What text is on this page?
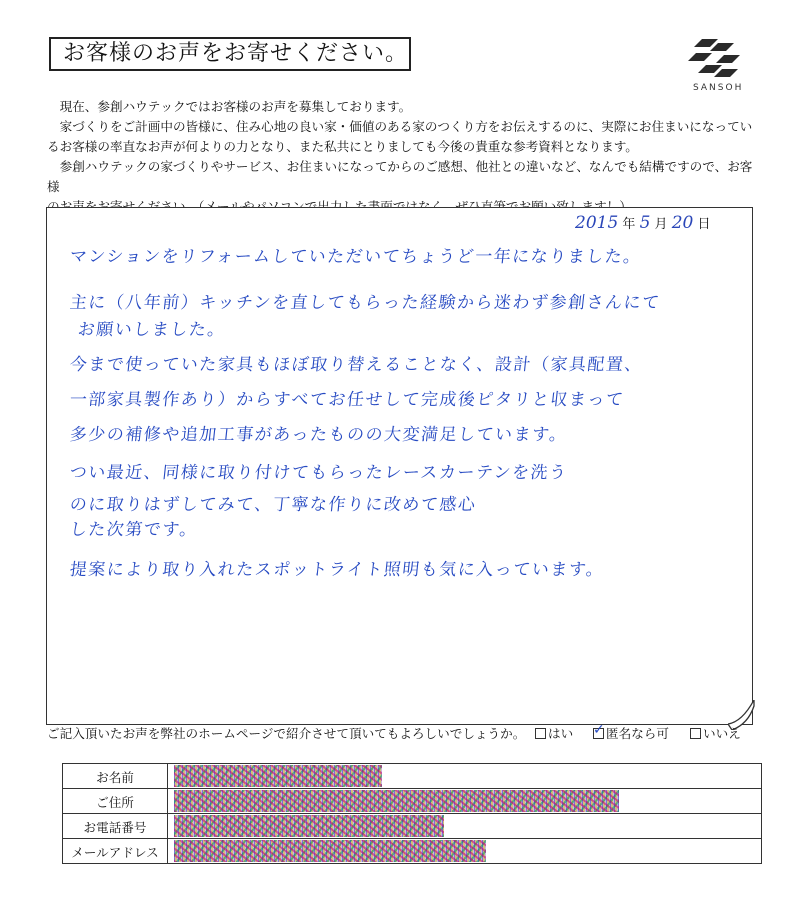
お客様のお声をお寄せください。
SANSOH

　現在、参創ハウテックではお客様のお声を募集しております。

　家づくりをご計画中の皆様に、住み心地の良い家・価値のある家のつくり方をお伝えするのに、実際にお住まいになってい

るお客様の率直なお声が何よりの力となり、また私共にとりましても今後の貴重な参考資料となります。

　参創ハウテックの家づくりやサービス、お住まいになってからのご感想、他社との違いなど、なんでも結構ですので、お客様

2015 年 5 月 20 日
マンションをリフォームしていただいてちょうど一年になりました。
主に（八年前）キッチンを直してもらった経験から迷わず参創さんにて
お願いしました。
今まで使っていた家具もほぼ取り替えることなく、設計（家具配置、
一部家具製作あり）からすべてお任せして完成後ピタリと収まって
多少の補修や追加工事があったものの大変満足しています。
つい最近、同様に取り付けてもらったレースカーテンを洗う
のに取りはずしてみて、丁寧な作りに改めて感心
した次第です。
提案により取り入れたスポットライト照明も気に入っています。
ご記入頂いたお声を弊社のホームページで紹介させて頂いてもよろしいでしょうか。	はい ✓ 匿名なら可	いいえ
お名前	

ご住所	

お電話番号	

メールアドレス	
